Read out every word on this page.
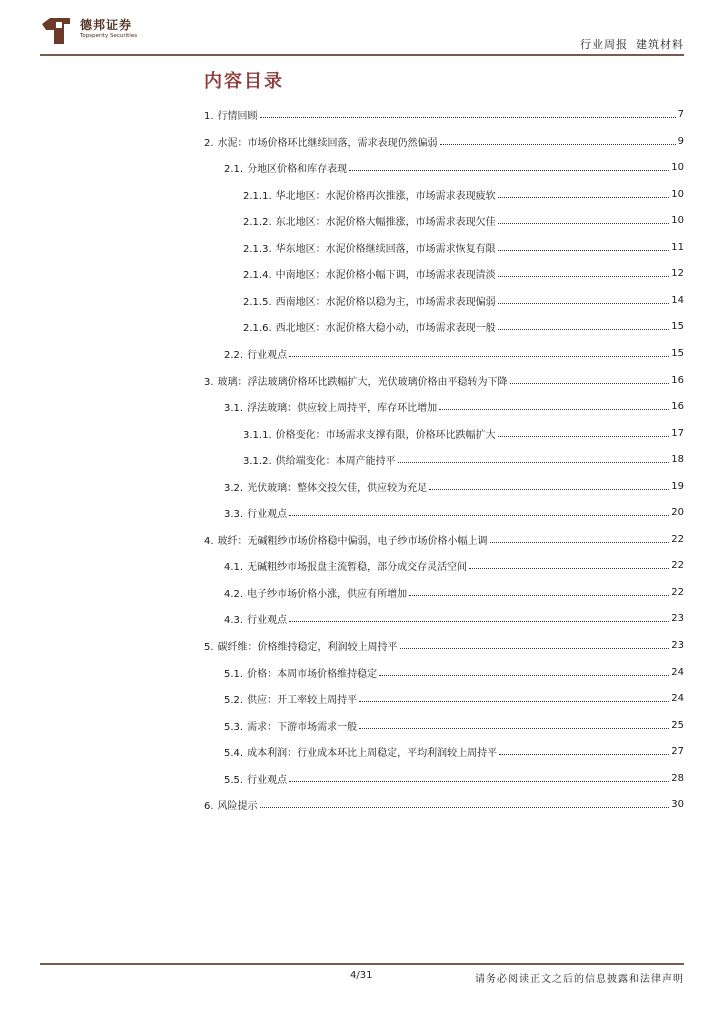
德邦证券
Topsperity Securities
行业周报 建筑材料
内容目录
1. 行情回顾	7
2. 水泥：市场价格环比继续回落，需求表现仍然偏弱	9
2.1. 分地区价格和库存表现	10
2.1.1. 华北地区：水泥价格再次推涨，市场需求表现疲软	10
2.1.2. 东北地区：水泥价格大幅推涨，市场需求表现欠佳	10
2.1.3. 华东地区：水泥价格继续回落，市场需求恢复有限	11
2.1.4. 中南地区：水泥价格小幅下调，市场需求表现清淡	12
2.1.5. 西南地区：水泥价格以稳为主，市场需求表现偏弱	14
2.1.6. 西北地区：水泥价格大稳小动，市场需求表现一般	15
2.2. 行业观点	15
3. 玻璃：浮法玻璃价格环比跌幅扩大，光伏玻璃价格由平稳转为下降	16
3.1. 浮法玻璃：供应较上周持平，库存环比增加	16
3.1.1. 价格变化：市场需求支撑有限，价格环比跌幅扩大	17
3.1.2. 供给端变化：本周产能持平	18
3.2. 光伏玻璃：整体交投欠佳，供应较为充足	19
3.3. 行业观点	20
4. 玻纤：无碱粗纱市场价格稳中偏弱，电子纱市场价格小幅上调	22
4.1. 无碱粗纱市场报盘主流暂稳，部分成交存灵活空间	22
4.2. 电子纱市场价格小涨，供应有所增加	22
4.3. 行业观点	23
5. 碳纤维：价格维持稳定，利润较上周持平	23
5.1. 价格：本周市场价格维持稳定	24
5.2. 供应：开工率较上周持平	24
5.3. 需求：下游市场需求一般	25
5.4. 成本利润：行业成本环比上周稳定，平均利润较上周持平	27
5.5. 行业观点	28
6. 风险提示	30
4/31	请务必阅读正文之后的信息披露和法律声明
